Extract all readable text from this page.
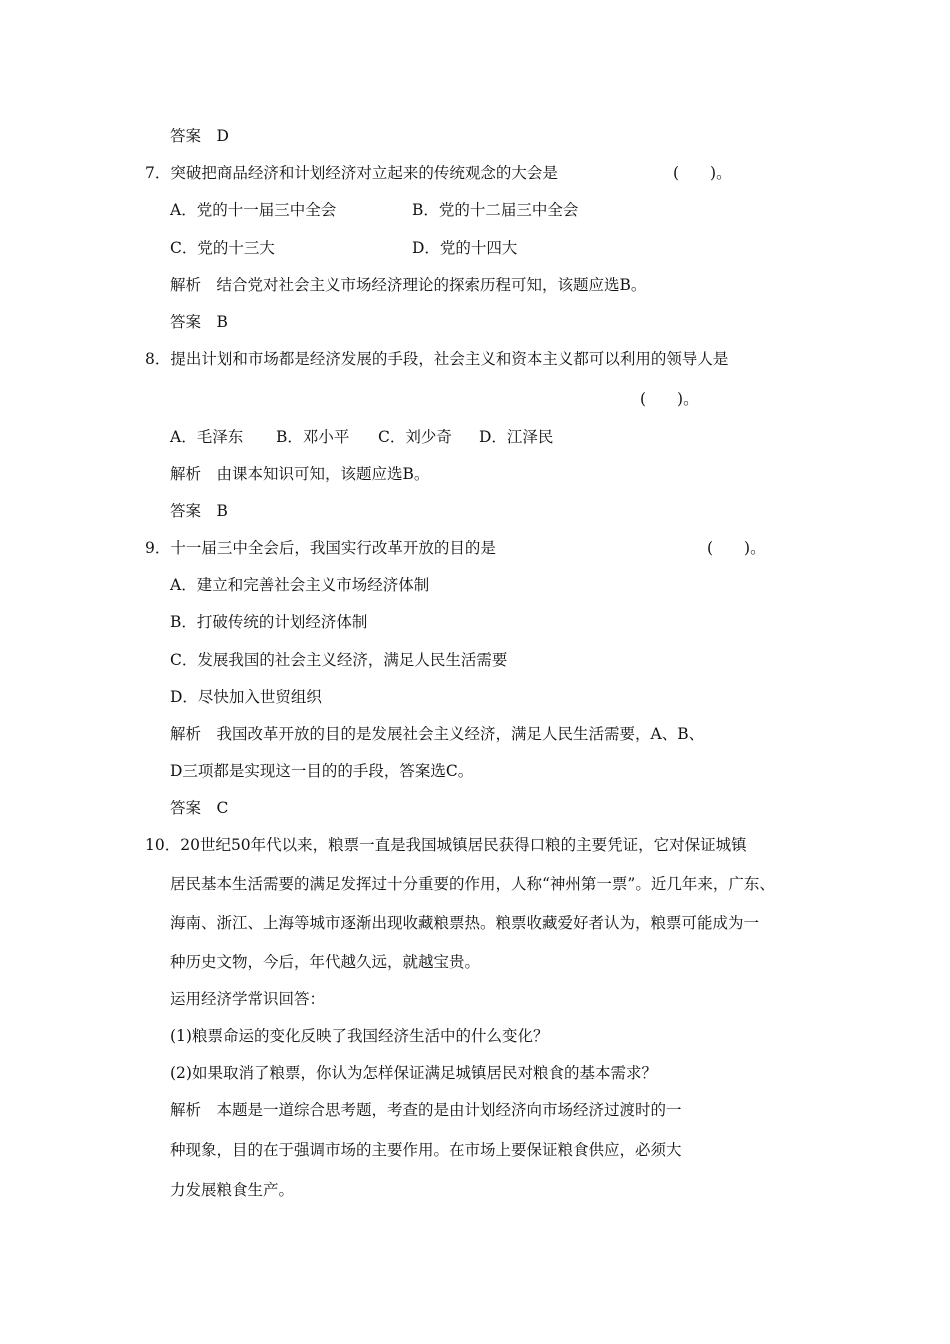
答案　D
7．突破把商品经济和计划经济对立起来的传统观念的大会是	(　　)。
A．党的十一届三中全会	B．党的十二届三中全会
C．党的十三大	D．党的十四大
解析　结合党对社会主义市场经济理论的探索历程可知，该题应选B。
答案　B
8．提出计划和市场都是经济发展的手段，社会主义和资本主义都可以利用的领导人是
(　　)。
A．毛泽东 B．邓小平 C．刘少奇 D．江泽民
解析　由课本知识可知，该题应选B。
答案　B
9．十一届三中全会后，我国实行改革开放的目的是	(　　)。
A．建立和完善社会主义市场经济体制
B．打破传统的计划经济体制
C．发展我国的社会主义经济，满足人民生活需要
D．尽快加入世贸组织
解析　我国改革开放的目的是发展社会主义经济，满足人民生活需要，A、B、
D三项都是实现这一目的的手段，答案选C。
答案　C
10．20世纪50年代以来，粮票一直是我国城镇居民获得口粮的主要凭证，它对保证城镇
居民基本生活需要的满足发挥过十分重要的作用，人称“神州第一票”。近几年来，广东、
海南、浙江、上海等城市逐渐出现收藏粮票热。粮票收藏爱好者认为，粮票可能成为一
种历史文物，今后，年代越久远，就越宝贵。
运用经济学常识回答：
(1)粮票命运的变化反映了我国经济生活中的什么变化？
(2)如果取消了粮票，你认为怎样保证满足城镇居民对粮食的基本需求？
解析　本题是一道综合思考题，考查的是由计划经济向市场经济过渡时的一
种现象，目的在于强调市场的主要作用。在市场上要保证粮食供应，必须大
力发展粮食生产。
